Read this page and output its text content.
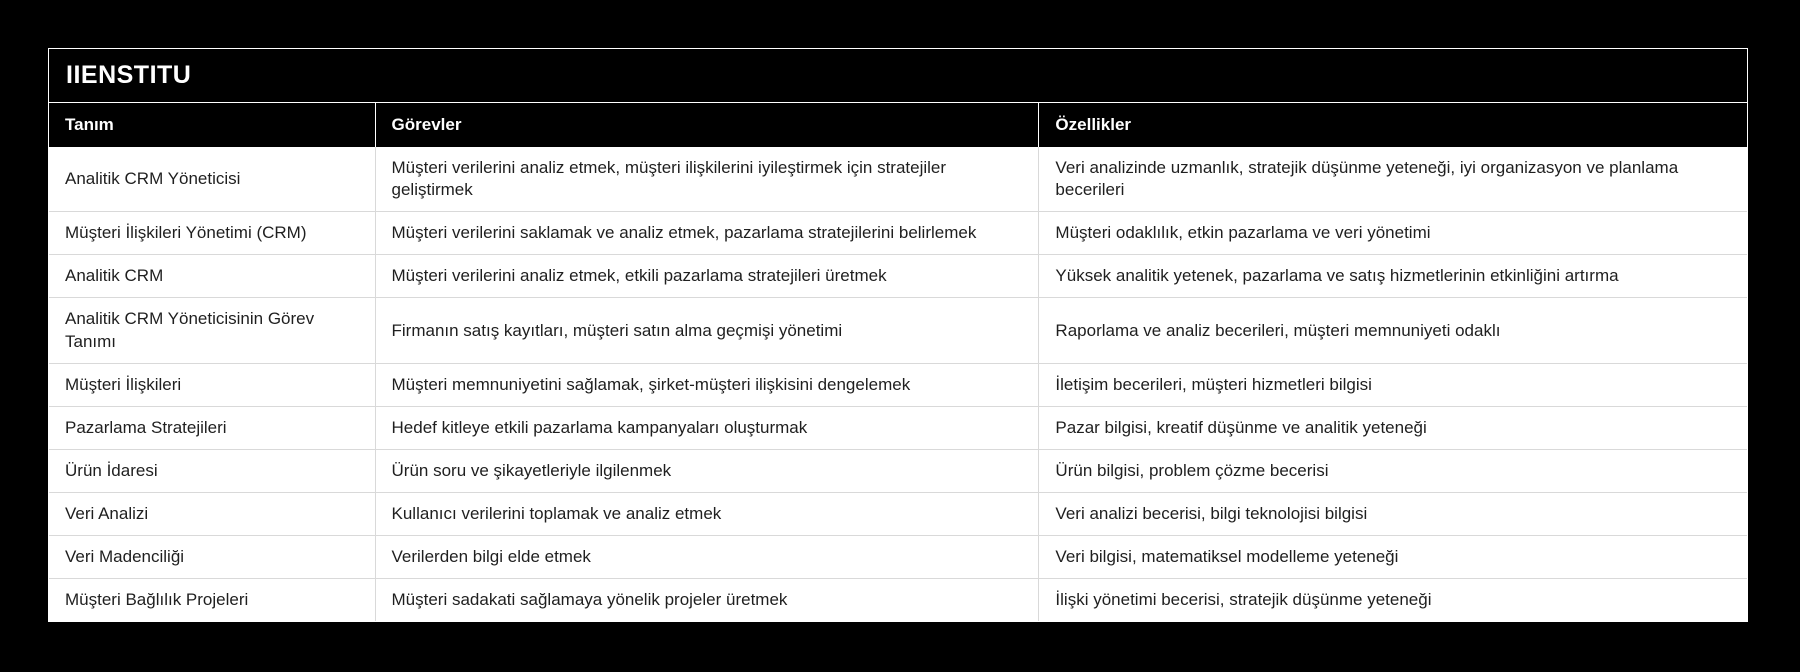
IIENSTITU
Tanım	Görevler	Özellikler
Analitik CRM Yöneticisi	Müşteri verilerini analiz etmek, müşteri ilişkilerini iyileştirmek için stratejiler geliştirmek	Veri analizinde uzmanlık, stratejik düşünme yeteneği, iyi organizasyon ve planlama becerileri
Müşteri İlişkileri Yönetimi (CRM)	Müşteri verilerini saklamak ve analiz etmek, pazarlama stratejilerini belirlemek	Müşteri odaklılık, etkin pazarlama ve veri yönetimi
Analitik CRM	Müşteri verilerini analiz etmek, etkili pazarlama stratejileri üretmek	Yüksek analitik yetenek, pazarlama ve satış hizmetlerinin etkinliğini artırma
Analitik CRM Yöneticisinin Görev Tanımı	Firmanın satış kayıtları, müşteri satın alma geçmişi yönetimi	Raporlama ve analiz becerileri, müşteri memnuniyeti odaklı
Müşteri İlişkileri	Müşteri memnuniyetini sağlamak, şirket-müşteri ilişkisini dengelemek	İletişim becerileri, müşteri hizmetleri bilgisi
Pazarlama Stratejileri	Hedef kitleye etkili pazarlama kampanyaları oluşturmak	Pazar bilgisi, kreatif düşünme ve analitik yeteneği
Ürün İdaresi	Ürün soru ve şikayetleriyle ilgilenmek	Ürün bilgisi, problem çözme becerisi
Veri Analizi	Kullanıcı verilerini toplamak ve analiz etmek	Veri analizi becerisi, bilgi teknolojisi bilgisi
Veri Madenciliği	Verilerden bilgi elde etmek	Veri bilgisi, matematiksel modelleme yeteneği
Müşteri Bağlılık Projeleri	Müşteri sadakati sağlamaya yönelik projeler üretmek	İlişki yönetimi becerisi, stratejik düşünme yeteneği
